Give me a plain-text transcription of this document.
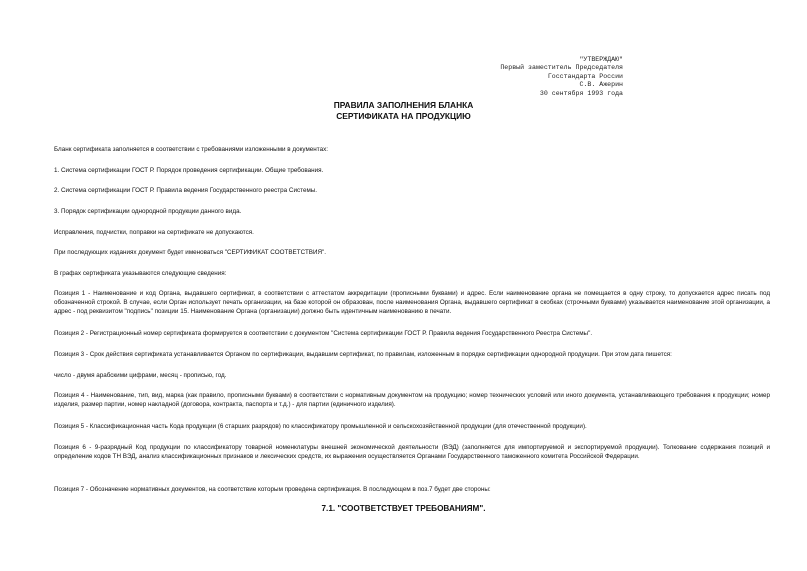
"УТВЕРЖДАЮ"
Первый заместитель Председателя
Госстандарта России
С.В. Ажерин
30 сентября 1993 года
ПРАВИЛА ЗАПОЛНЕНИЯ БЛАНКА
СЕРТИФИКАТА НА ПРОДУКЦИЮ

Бланк сертификата заполняется в соответствии с требованиями изложенными в документах:

1. Система сертификации ГОСТ Р. Порядок проведения сертификации. Общие требования.

2. Система сертификации ГОСТ Р. Правила ведения Государственного реестра Системы.

3. Порядок сертификации однородной продукции данного вида.

Исправления, подчистки, поправки на сертификате не допускаются.

При последующих изданиях документ будет именоваться "СЕРТИФИКАТ СООТВЕТСТВИЯ".

В графах сертификата указываются следующие сведения:

Позиция 1 - Наименование и код Органа, выдавшего сертификат, в соответствии с аттестатом аккредитации (прописными буквами) и адрес. Если наименование органа не помещается в одну строку, то допускается адрес писать под обозначенной строкой. В случае, если Орган использует печать организации, на базе которой он образован, после наименования Органа, выдавшего сертификат в скобках (строчными буквами) указывается наименование этой организации, а адрес - под реквизитом "подпись" позиции 15. Наименование Органа (организации) должно быть идентичным наименованию в печати.

Позиция 2 - Регистрационный номер сертификата формируется в соответствии с документом "Система сертификации ГОСТ Р. Правила ведения Государственного Реестра Системы".

Позиция 3 - Срок действия сертификата устанавливается Органом по сертификации, выдавшим сертификат, по правилам, изложенным в порядке сертификации однородной продукции. При этом дата пишется:

число - двумя арабскими цифрами, месяц - прописью, год.

Позиция 4 - Наименование, тип, вид, марка (как правило, прописными буквами) в соответствии с нормативным документом на продукцию; номер технических условий или иного документа, устанавливающего требования к продукции; номер изделия, размер партии, номер накладной (договора, контракта, паспорта и т.д.) - для партии (единичного изделия).

Позиция 5 - Классификационная часть Кода продукции (6 старших разрядов) по классификатору промышленной и сельскохозяйственной продукции (для отечественной продукции).

Позиция 6 - 9-разрядный Код продукции по классификатору товарной номенклатуры внешней экономической деятельности (ВЭД) (заполняется для импортируемой и экспортируемой продукции). Толкование содержания позиций и определение кодов ТН ВЭД, анализ классификационных признаков и лексических средств, их выражения осуществляется Органами Государственного таможенного комитета Российской Федерации.

Позиция 7 - Обозначение нормативных документов, на соответствие которым проведена сертификация. В последующем в поз.7 будет две стороны:

7.1. "СООТВЕТСТВУЕТ ТРЕБОВАНИЯМ".
